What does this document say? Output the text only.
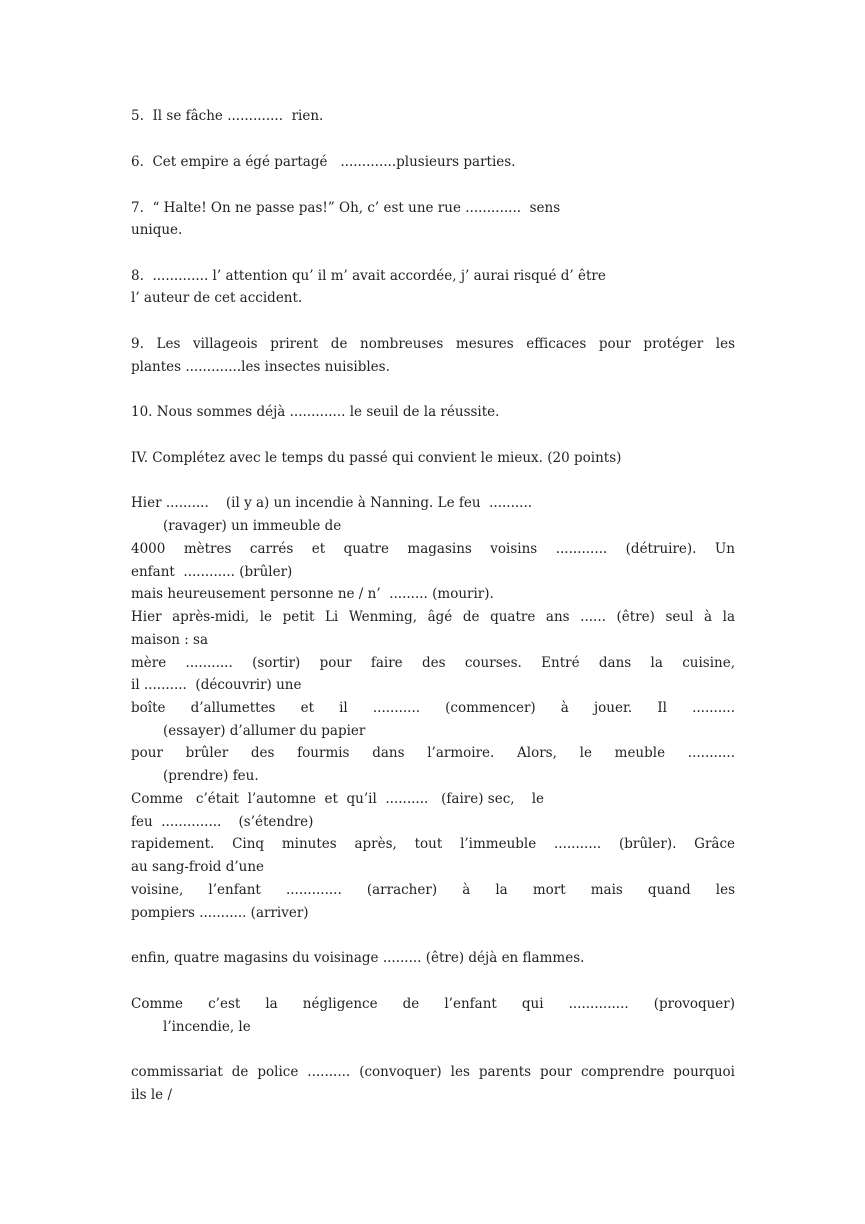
5.  Il se fâche .............  rien.
6.  Cet empire a égé partagé   .............plusieurs parties.
7.  “ Halte! On ne passe pas!” Oh, c’ est une rue .............  sens
unique.
8.  ............. l’ attention qu’ il m’ avait accordée, j’ aurai risqué d’ être
l’ auteur de cet accident.
9. Les villageois prirent de nombreuses mesures efficaces pour protéger les
plantes .............les insectes nuisibles.
10. Nous sommes déjà ............. le seuil de la réussite.
IV. Complétez avec le temps du passé qui convient le mieux. (20 points)
Hier ..........    (il y a) un incendie à Nanning. Le feu  ..........
(ravager) un immeuble de
4000 mètres carrés et quatre magasins voisins ............ (détruire). Un
enfant  ............ (brûler)
mais heureusement personne ne / n’  ......... (mourir).
Hier après-midi, le petit Li Wenming, âgé de quatre ans ...... (être) seul à la
maison : sa
mère ........... (sortir) pour faire des courses. Entré dans la cuisine,
il ..........  (découvrir) une
boîte d’allumettes et il ........... (commencer) à jouer. Il ..........
(essayer) d’allumer du papier
pour brûler des fourmis dans l’armoire. Alors, le meuble ...........
(prendre) feu.
Comme   c’était  l’automne  et  qu’il  ..........   (faire) sec,    le
feu  ..............    (s’étendre)
rapidement. Cinq minutes après, tout l’immeuble ........... (brûler). Grâce
au sang-froid d’une
voisine, l’enfant ............. (arracher) à la mort mais quand les
pompiers ........... (arriver)
enfin, quatre magasins du voisinage ......... (être) déjà en flammes.
Comme c’est la négligence de l’enfant qui .............. (provoquer)
l’incendie, le
commissariat de police .......... (convoquer) les parents pour comprendre pourquoi
ils le /
